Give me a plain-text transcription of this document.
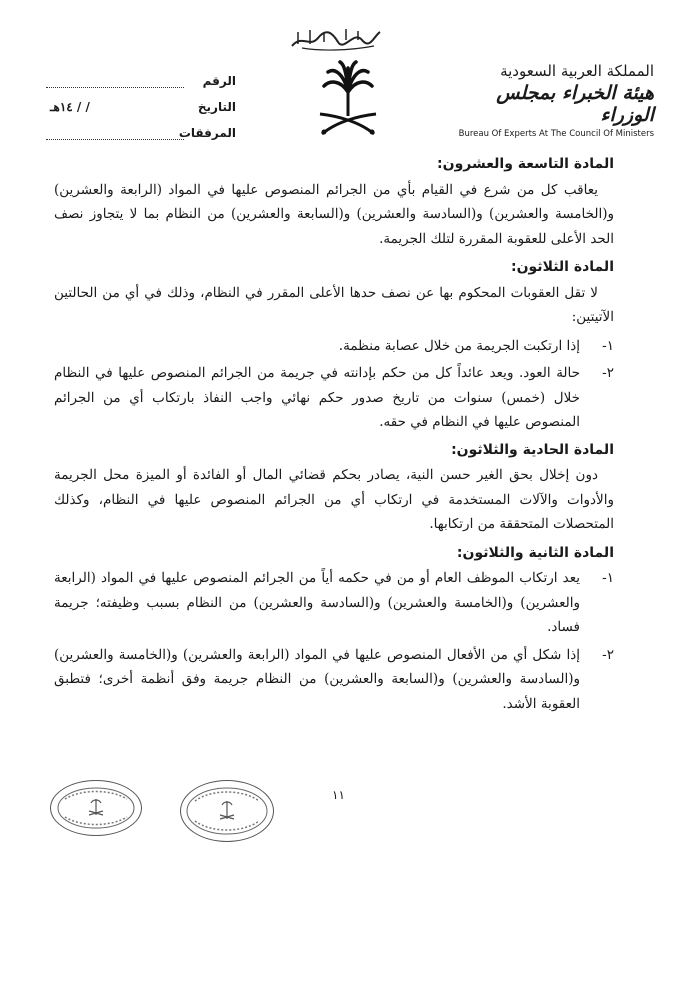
الرقم
التاريخ
/ / ١٤هـ
المرفقات
المملكة العربية السعودية
هيئة الخبراء بمجلس الوزراء
Bureau Of Experts At The Council Of Ministers
المادة التاسعة والعشرون:

يعاقب كل من شرع في القيام بأي من الجرائم المنصوص عليها في المواد (الرابعة والعشرين) و(الخامسة والعشرين) و(السادسة والعشرين) و(السابعة والعشرين) من النظام بما لا يتجاوز نصف الحد الأعلى للعقوبة المقررة لتلك الجريمة.

المادة الثلاثون:

لا تقل العقوبات المحكوم بها عن نصف حدها الأعلى المقرر في النظام، وذلك في أي من الحالتين الآتيتين:

١-
إذا ارتكبت الجريمة من خلال عصابة منظمة.
٢-
حالة العود. ويعد عائداً كل من حكم بإدانته في جريمة من الجرائم المنصوص عليها في النظام خلال (خمس) سنوات من تاريخ صدور حكم نهائي واجب النفاذ بارتكاب أي من الجرائم المنصوص عليها في النظام في حقه.
المادة الحادية والثلاثون:

دون إخلال بحق الغير حسن النية، يصادر بحكم قضائي المال أو الفائدة أو الميزة محل الجريمة والأدوات والآلات المستخدمة في ارتكاب أي من الجرائم المنصوص عليها في النظام، وكذلك المتحصلات المتحققة من ارتكابها.

المادة الثانية والثلاثون:
١-
يعد ارتكاب الموظف العام أو من في حكمه أياً من الجرائم المنصوص عليها في المواد (الرابعة والعشرين) و(الخامسة والعشرين) و(السادسة والعشرين) من النظام بسبب وظيفته؛ جريمة فساد.
٢-
إذا شكل أي من الأفعال المنصوص عليها في المواد (الرابعة والعشرين) و(الخامسة والعشرين) و(السادسة والعشرين) و(السابعة والعشرين) من النظام جريمة وفق أنظمة أخرى؛ فتطبق العقوبة الأشد.
١١
